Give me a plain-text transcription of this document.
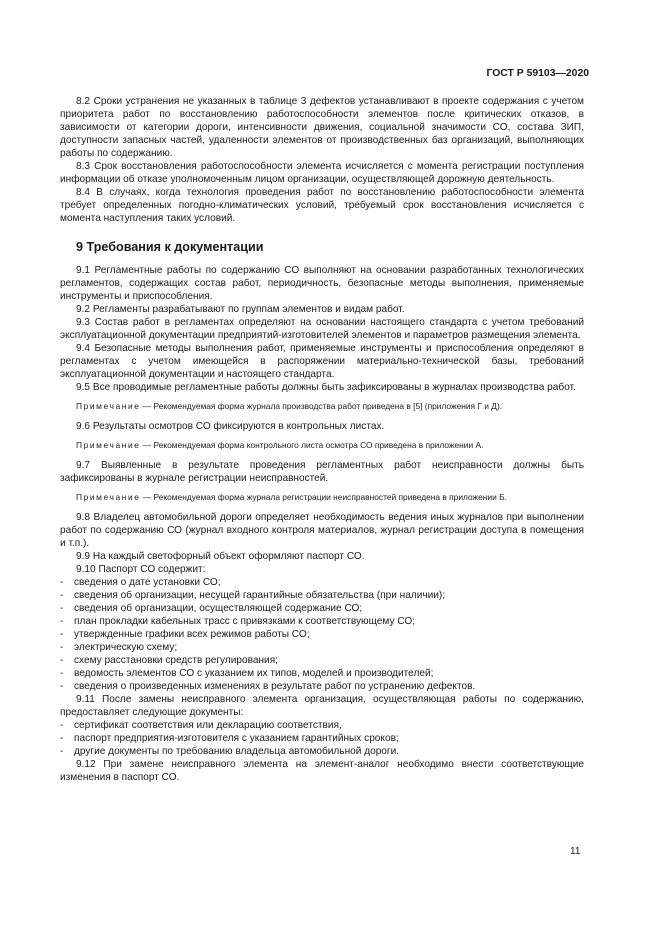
ГОСТ Р 59103—2020

8.2 Сроки устранения не указанных в таблице 3 дефектов устанавливают в проекте содержания с учетом приоритета работ по восстановлению работоспособности элементов после критических отказов, в зависимости от категории дороги, интенсивности движения, социальной значимости СО, состава ЗИП, доступности запасных частей, удаленности элементов от производственных баз организаций, выполняющих работы по содержанию.

8.3 Срок восстановления работоспособности элемента исчисляется с момента регистрации поступления информации об отказе уполномоченным лицом организации, осуществляющей дорожную деятельность.

8.4 В случаях, когда технология проведения работ по восстановлению работоспособности элемента требует определенных погодно-климатических условий, требуемый срок восстановления исчисляется с момента наступления таких условий.

9 Требования к документации

9.1 Регламентные работы по содержанию СО выполняют на основании разработанных технологических регламентов, содержащих состав работ, периодичность, безопасные методы выполнения, применяемые инструменты и приспособления.

9.2 Регламенты разрабатывают по группам элементов и видам работ.

9.3 Состав работ в регламентах определяют на основании настоящего стандарта с учетом требований эксплуатационной документации предприятий-изготовителей элементов и параметров размещения элемента.

9.4 Безопасные методы выполнения работ, применяемые инструменты и приспособления определяют в регламентах с учетом имеющейся в распоряжении материально-технической базы, требований эксплуатационной документации и настоящего стандарта.

9.5 Все проводимые регламентные работы должны быть зафиксированы в журналах производства работ.

Примечание — Рекомендуемая форма журнала производства работ приведена в [5] (приложения Г и Д).

9.6 Результаты осмотров СО фиксируются в контрольных листах.

Примечание — Рекомендуемая форма контрольного листа осмотра СО приведена в приложении А.

9.7 Выявленные в результате проведения регламентных работ неисправности должны быть зафиксированы в журнале регистрации неисправностей.

Примечание — Рекомендуемая форма журнала регистрации неисправностей приведена в приложении Б.

9.8 Владелец автомобильной дороги определяет необходимость ведения иных журналов при выполнении работ по содержанию СО (журнал входного контроля материалов, журнал регистрации доступа в помещения и т.п.).

9.9 На каждый светофорный объект оформляют паспорт СО.

9.10 Паспорт СО содержит:

- сведения о дате установки СО;
- сведения об организации, несущей гарантийные обязательства (при наличии);
- сведения об организации, осуществляющей содержание СО;
- план прокладки кабельных трасс с привязками к соответствующему СО;
- утвержденные графики всех режимов работы СО;
- электрическую схему;
- схему расстановки средств регулирования;
- ведомость элементов СО с указанием их типов, моделей и производителей;
- сведения о произведенных изменениях в результате работ по устранению дефектов.

9.11 После замены неисправного элемента организация, осуществляющая работы по содержанию, предоставляет следующие документы:

- сертификат соответствия или декларацию соответствия,
- паспорт предприятия-изготовителя с указанием гарантийных сроков;
- другие документы по требованию владельца автомобильной дороги.

9.12 При замене неисправного элемента на элемент-аналог необходимо внести соответствующие изменения в паспорт СО.

11
